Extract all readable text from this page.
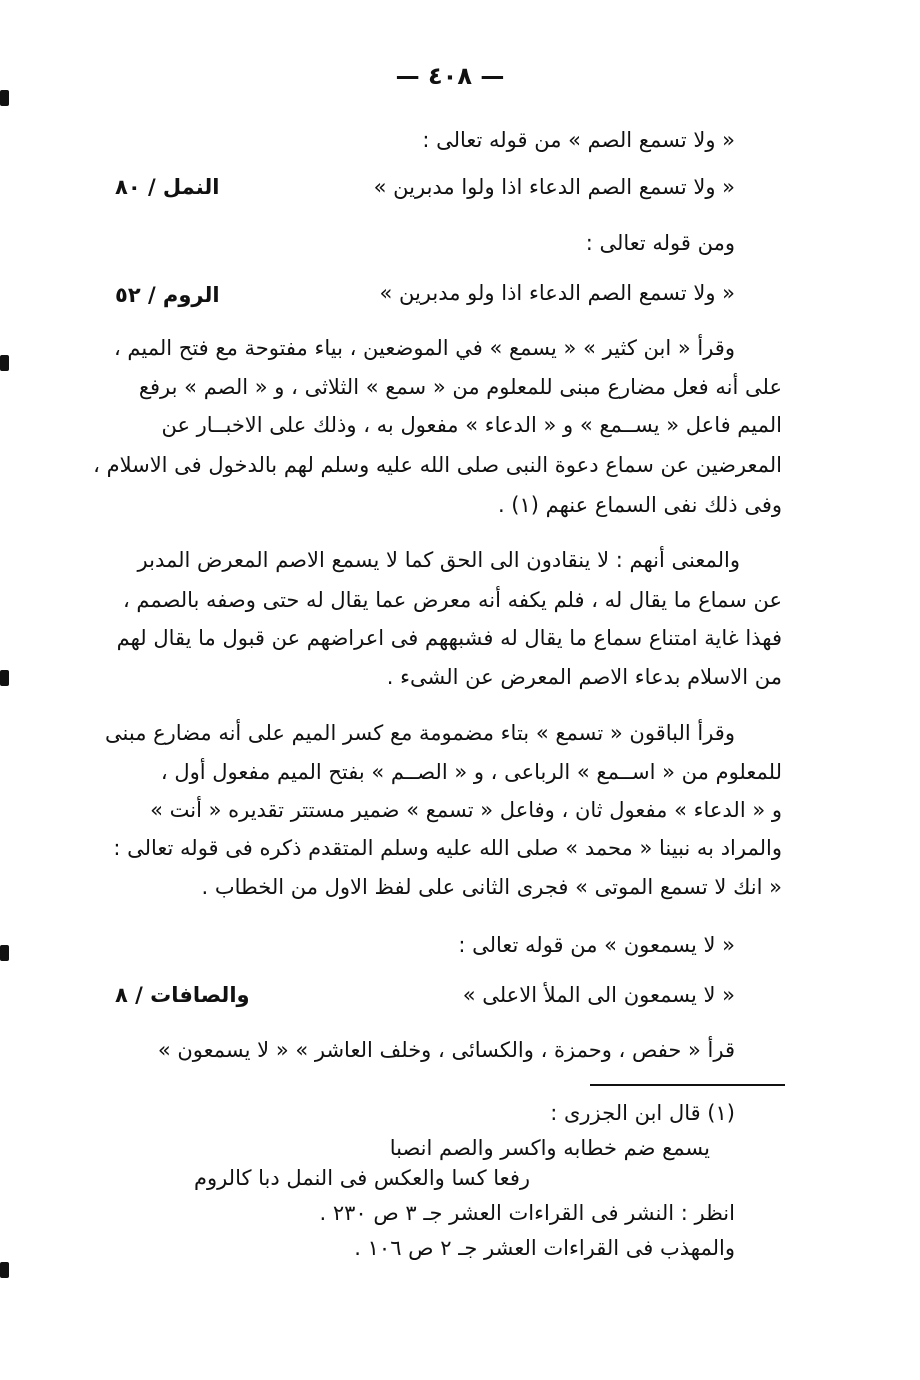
— ٤٠٨ —
« ولا تسمع الصم » من قوله تعالى :
« ولا تسمع الصم الدعاء اذا ولوا مدبرين »
النمل / ٨٠
ومن قوله تعالى :
« ولا تسمع الصم الدعاء اذا ولو مدبرين »
الروم / ٥٢
وقرأ « ابن كثير » « يسمع » في الموضعين ، بياء مفتوحة مع فتح الميم ،
على أنه فعل مضارع مبنى للمعلوم من « سمع » الثلاثى ، و « الصم » برفع
الميم فاعل « يســمع » و « الدعاء » مفعول به ، وذلك على الاخبــار عن
المعرضين عن سماع دعوة النبى صلى الله عليه وسلم لهم بالدخول فى الاسلام ،
وفى ذلك نفى السماع عنهم (١) .
والمعنى أنهم : لا ينقادون الى الحق كما لا يسمع الاصم المعرض المدبر
عن سماع ما يقال له ، فلم يكفه أنه معرض عما يقال له حتى وصفه بالصمم ،
فهذا غاية امتناع سماع ما يقال له فشبههم فى اعراضهم عن قبول ما يقال لهم
من الاسلام بدعاء الاصم المعرض عن الشىء .
وقرأ الباقون « تسمع » بتاء مضمومة مع كسر الميم على أنه مضارع مبنى
للمعلوم من « اســمع » الرباعى ، و « الصــم » بفتح الميم مفعول أول ،
و « الدعاء » مفعول ثان ، وفاعل « تسمع » ضمير مستتر تقديره « أنت »
والمراد به نبينا « محمد » صلى الله عليه وسلم المتقدم ذكره فى قوله تعالى :
« انك لا تسمع الموتى » فجرى الثانى على لفظ الاول من الخطاب .
« لا يسمعون » من قوله تعالى :
« لا يسمعون الى الملأ الاعلى »
والصافات / ٨
قرأ « حفص ، وحمزة ، والكسائى ، وخلف العاشر » « لا يسمعون »
(١) قال ابن الجزرى :
يسمع ضم خطابه واكسر والصم انصبا
رفعا كسا والعكس فى النمل دبا كالروم
انظر : النشر فى القراءات العشر جـ ٣ ص ٢٣٠ .
والمهذب فى القراءات العشر جـ ٢ ص ١٠٦ .
